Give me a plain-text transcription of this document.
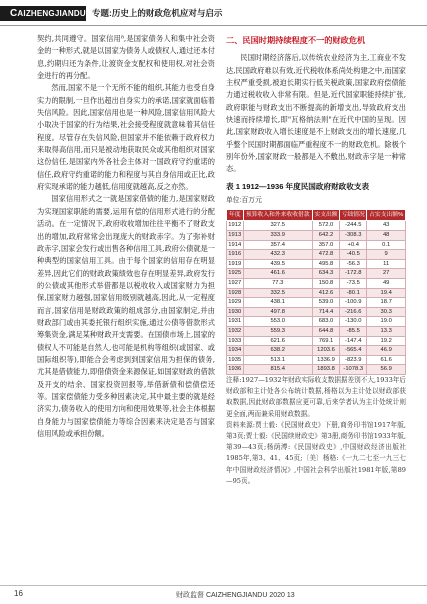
CAIZHENGJIANDU 专题:历史上的财政危机应对与启示

契约,共同遵守。国家信用⁸,是国家债务人和集中社会资金的一种形式,就是以国家为债务人或债权人,通过还本付息,约期归还为条件,让渡资金支配权和使用权,对社会资金进行的再分配。

然而,国家不是一个无所不能的组织,其能力也受自身实力的限制,一旦作出超出自身实力的承诺,国家就面临着失信风险。因此,国家信用也是一种风险,国家信用风险大小取决于国家的行为结果,社会接受程度就意味着其信任程度。尽管存在失信风险,但国家并不能依赖于政府权力来取得高信用,而只是被动地获取民众或其他组织对国家这份信任,是国家内外各社会主体对一国政府守约重诺的信任,政府守约重诺的能力和程度与其自身信用或正比,政府实现承诺的能力越低,信用度就越高,反之亦然。

国家信用形式之一就是国家借债的能力,是国家财政为实现国家职能的需要,运用有偿的信用形式进行的分配活动。在一定情况下,政府收收增加往往平衡不了财政支出的增加,政府常常会出现庞大的财政赤字。为了弥补财政赤字,国家会发行或出售各种信用工具,政府公债就是一种典型的国家信用工具。由于每个国家的信用存在明显差异,因此它们的财政政策绩效也存在明显差异,政府发行的公债或其他形式举借都是以税收收入或国家财力为担保,国家财力越强,国家信用级别就越高,因此,从一定程度而言,国家信用是财政政策的组成部分,由国家制定,并由财政部门或由其委托银行组织实施,通过公债等借款形式筹集资金,满足某种财政开支需要。在国债市场上,国家的债权人不可能是自然人,也可能是机构等组织(或国家、或国际组织等),即能合会考虑到到国家信用为担保的债务,尤其是借债能力,即借债资金来源保证,如国家财政的借款及开支的结余、国家投资回报等,举借新债和偿债偿还等。国家偿债能力受多种因素决定,其中最主要的就是经济实力,债务收入的使用方向和使用效果等,社会主体根据自身能力与国家偿债能力等综合因素来决定是否与国家信用风险或承担份额。

二、民国时期持续程度不一的财政危机

民国时期经济落后,以传统农业经济为主,工商业不发达,民国政府难以有效,近代税收体系尚处构建之中,而国家主权严重受损,被迫长期实行低关税政策,国家政府偿债能力通过税收收入非常有限。但是,近代国家职能持续扩张,政府职能与财政支出不断提高的新增支出,导致政府支出快速而持续增长,即"瓦格纳法则"在近代中国的呈现。因此,国家财政收入增长速度是不上财政支出的增长速度,几乎整个民国时期都面临严重程度不一的财政危机。除极个别年份外,国家财政一般都是入不敷出,财政赤字是一种常态。

表 1 1912—1936 年度民国政府财政收支表
单位:百万元
年度	预算收入和外来收收借款	实支出额	亏绌情况	占实支出额%
1912	327.5	572.0	-244.5	43
1913	333.9	642.2	-308.3	48
1914	357.4	357.0	+0.4	0.1
1916	432.3	472.8	-40.5	9
1919	439.5	495.8	-56.3	11
1925	461.6	634.3	-172.8	27
1927	77.3	150.8	-73.5	49
1928	332.5	412.6	-80.1	19.4
1929	438.1	539.0	-100.9	18.7
1930	497.8	714.4	-216.6	30.3
1931	553.0	683.0	-130.0	19.0
1932	559.3	644.8	-85.5	13.3
1933	621.6	769.1	-147.4	19.2
1934	638.2	1203.6	-565.4	46.9
1935	513.1	1336.9	-823.9	61.6
1936	815.4	1893.8	-1078.3	56.9

注释:1927—1932年财政实际收支数据据差别不大,1933年后财政部和主计处各公布统计数据,杨格以为主计处以财政部获取数据,因此财政部数据应更可靠,后来学者认为主计处统计则更全面,两而兼采用财政数据。

资料来源:贾士毅:《民国财政史》下册,商务印书馆1917年版,第3页;贾士毅:《民国续财政史》第3册,商务印书馆1933年版,第39—43页;杨荫溥:《民国财政史》,中国财政经济出版社1985年,第3、41、45页;〔美〕杨格:《一九二七至一九三七年中国财政经济情况》,中国社会科学出版社1981年版,第89—95页。

16	财政监督 CAIZHENGJIANDU 2020 13
